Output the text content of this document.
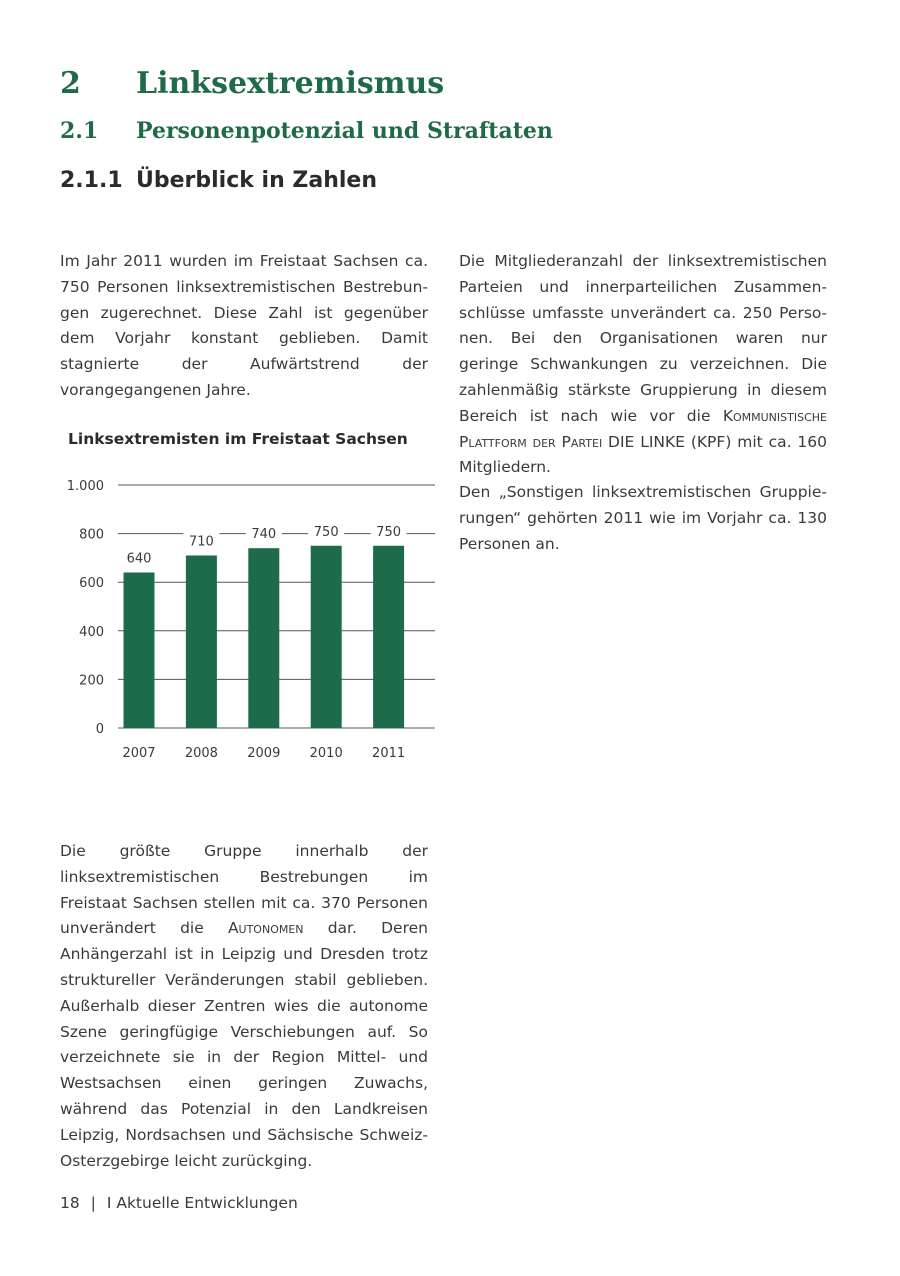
2 Linksextremismus
2.1 Personenpotenzial und Straftaten
2.1.1 Überblick in Zahlen

Im Jahr 2011 wurden im Freistaat Sachsen ca. 750 Personen linksextremistischen Bestrebungen zugerechnet. Diese Zahl ist gegenüber dem Vorjahr konstant geblieben. Damit stagnierte der Aufwärtstrend der vorangegangenen Jahre.

Linksextremisten im Freistaat Sachsen
0
200
400
600
800
1.000
640
2007
710
2008
740
2009
750
2010
750
2011

Die größte Gruppe innerhalb der linksextremistischen Bestrebungen im Freistaat Sachsen stellen mit ca. 370 Personen unverändert die Autonomen dar. Deren Anhängerzahl ist in Leipzig und Dresden trotz struktureller Veränderungen stabil geblieben. Außerhalb dieser Zentren wies die autonome Szene geringfügige Verschiebungen auf. So verzeichnete sie in der Region Mittel- und Westsachsen einen geringen Zuwachs, während das Potenzial in den Landkreisen Leipzig, Nordsachsen und Sächsische Schweiz-Osterzgebirge leicht zurückging.

Die Mitgliederanzahl der linksextremistischen Parteien und innerparteilichen Zusammenschlüsse umfasste unverändert ca. 250 Personen. Bei den Organisationen waren nur geringe Schwankungen zu verzeichnen. Die zahlenmäßig stärkste Gruppierung in diesem Bereich ist nach wie vor die Kommunistische Plattform der Partei DIE LINKE (KPF) mit ca. 160 Mitgliedern.

Den „Sonstigen linksextremistischen Gruppierungen“ gehörten 2011 wie im Vorjahr ca. 130 Personen an.

18 | I Aktuelle Entwicklungen
